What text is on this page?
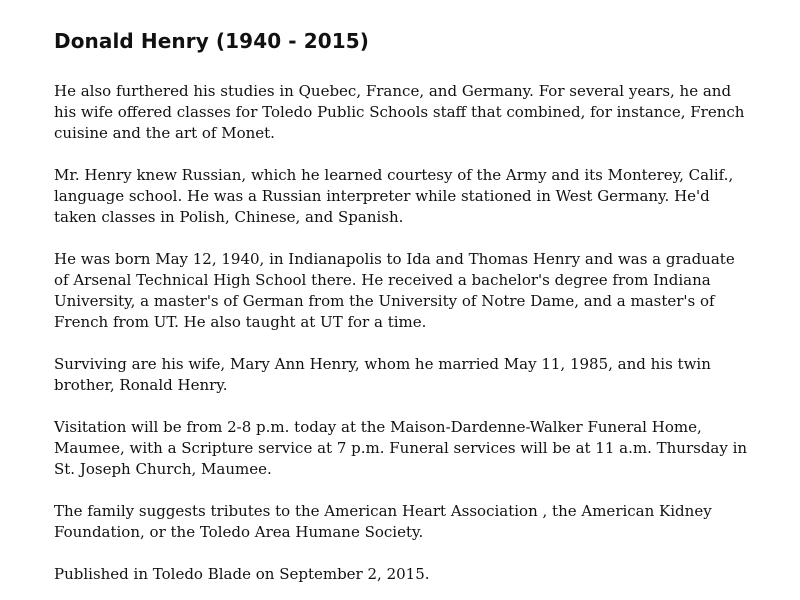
Donald Henry (1940 - 2015)

He also furthered his studies in Quebec, France, and Germany. For several years, he and his wife offered classes for Toledo Public Schools staff that combined, for instance, French cuisine and the art of Monet.

Mr. Henry knew Russian, which he learned courtesy of the Army and its Monterey, Calif., language school. He was a Russian interpreter while stationed in West Germany. He'd taken classes in Polish, Chinese, and Spanish.

He was born May 12, 1940, in Indianapolis to Ida and Thomas Henry and was a graduate of Arsenal Technical High School there. He received a bachelor's degree from Indiana University, a master's of German from the University of Notre Dame, and a master's of French from UT. He also taught at UT for a time.

Surviving are his wife, Mary Ann Henry, whom he married May 11, 1985, and his twin brother, Ronald Henry.

Visitation will be from 2-8 p.m. today at the Maison-Dardenne-Walker Funeral Home, Maumee, with a Scripture service at 7 p.m. Funeral services will be at 11 a.m. Thursday in St. Joseph Church, Maumee.

The family suggests tributes to the American Heart Association , the American Kidney Foundation, or the Toledo Area Humane Society.

Published in Toledo Blade on September 2, 2015.
